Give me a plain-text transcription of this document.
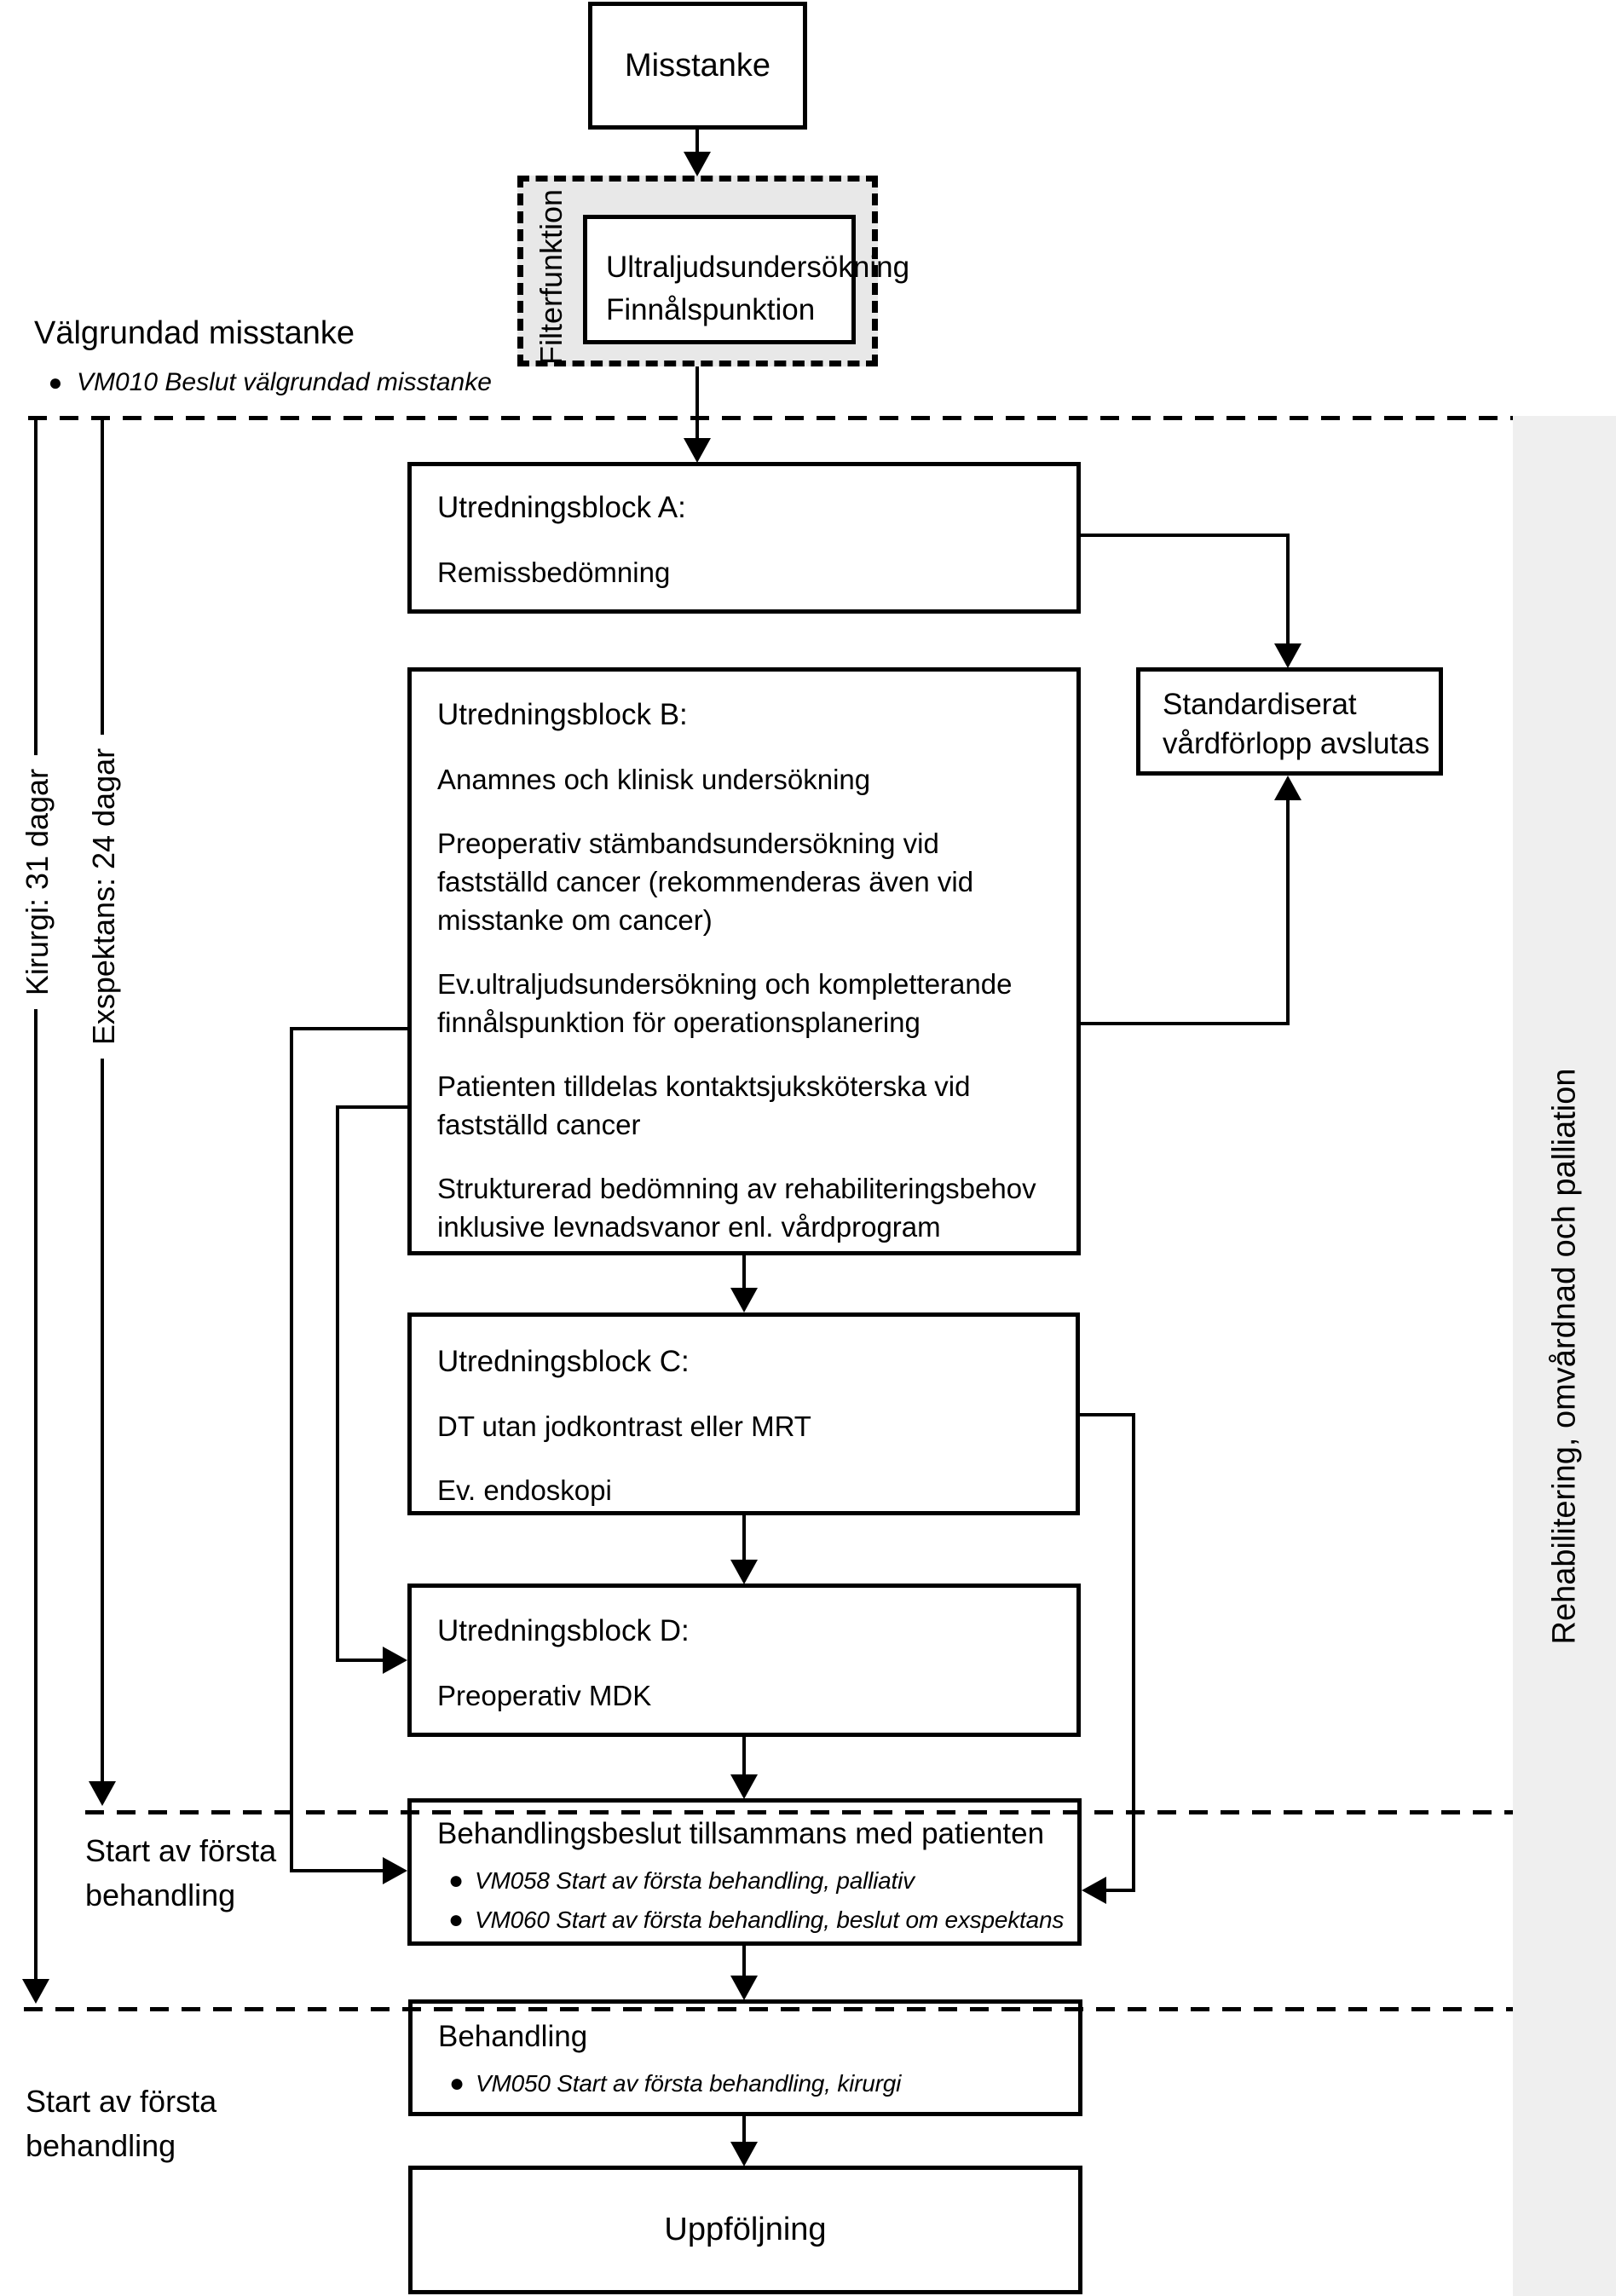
Rehabilitering, omvårdnad och palliation
Kirurgi: 31 dagar Exspektans: 24 dagar
Misstanke
Filterfunktion	Ultraljudsundersökning
Finnålspunktion
Välgrundad misstanke
● VM010 Beslut välgrundad misstanke
Utredningsblock A:
Remissbedömning
Standardiserat
vårdförlopp avslutas
Utredningsblock B:
Anamnes och klinisk undersökning
Preoperativ stämbandsundersökning vid
fastställd cancer (rekommenderas även vid
misstanke om cancer)
Ev.ultraljudsundersökning och kompletterande
finnålspunktion för operationsplanering
Patienten tilldelas kontaktsjuksköterska vid
fastställd cancer
Strukturerad bedömning av rehabiliteringsbehov
inklusive levnadsvanor enl. vårdprogram
Utredningsblock C:
DT utan jodkontrast eller MRT
Ev. endoskopi
Utredningsblock D:
Preoperativ MDK
Start av första
behandling
Behandlingsbeslut tillsammans med patienten
● VM058 Start av första behandling, palliativ
● VM060 Start av första behandling, beslut om exspektans
Start av första
behandling
Behandling
● VM050 Start av första behandling, kirurgi
Uppföljning
